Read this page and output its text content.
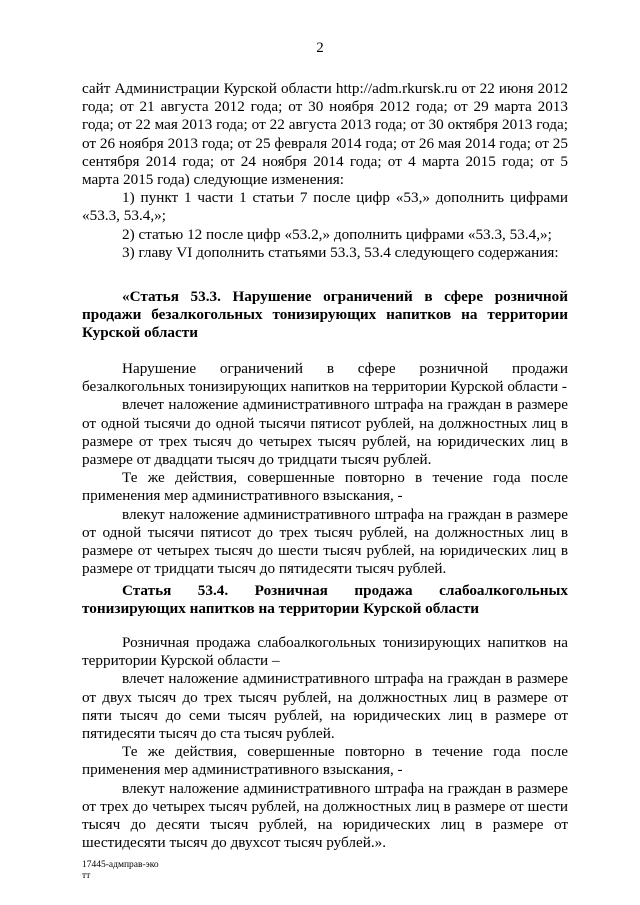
2

сайт Администрации Курской области http://adm.rkursk.ru от 22 июня 2012 года; от 21 августа 2012 года; от 30 ноября 2012 года; от 29 марта 2013 года; от 22 мая 2013 года; от 22 августа 2013 года; от 30 октября 2013 года; от 26 ноября 2013 года; от 25 февраля 2014 года; от 26 мая 2014 года; от 25 сентября 2014 года; от 24 ноября 2014 года; от 4 марта 2015 года; от 5 марта 2015 года) следующие изменения:

1) пункт 1 части 1 статьи 7 после цифр «53,» дополнить цифрами «53.3, 53.4,»;

2) статью 12 после цифр «53.2,» дополнить цифрами «53.3, 53.4,»;

3) главу VI дополнить статьями 53.3, 53.4 следующего содержания:

«Статья 53.3. Нарушение ограничений в сфере розничной продажи безалкогольных тонизирующих напитков на территории Курской области

Нарушение ограничений в сфере розничной продажи безалкогольных тонизирующих напитков на территории Курской области -

влечет наложение административного штрафа на граждан в размере от одной тысячи до одной тысячи пятисот рублей, на должностных лиц в размере от трех тысяч до четырех тысяч рублей, на юридических лиц в размере от двадцати тысяч до тридцати тысяч рублей.

Те же действия, совершенные повторно в течение года после применения мер административного взыскания, -

влекут наложение административного штрафа на граждан в размере от одной тысячи пятисот до трех тысяч рублей, на должностных лиц в размере от четырех тысяч до шести тысяч рублей, на юридических лиц в размере от тридцати тысяч до пятидесяти тысяч рублей.

Статья 53.4. Розничная продажа слабоалкогольных тонизирующих напитков на территории Курской области

Розничная продажа слабоалкогольных тонизирующих напитков на территории Курской области –

влечет наложение административного штрафа на граждан в размере от двух тысяч до трех тысяч рублей, на должностных лиц в размере от пяти тысяч до семи тысяч рублей, на юридических лиц в размере от пятидесяти тысяч до ста тысяч рублей.

Те же действия, совершенные повторно в течение года после применения мер административного взыскания, -

влекут наложение административного штрафа на граждан в размере от трех до четырех тысяч рублей, на должностных лиц в размере от шести тысяч до десяти тысяч рублей, на юридических лиц в размере от шестидесяти тысяч до двухсот тысяч рублей.».

17445-адмправ-эко
тт
